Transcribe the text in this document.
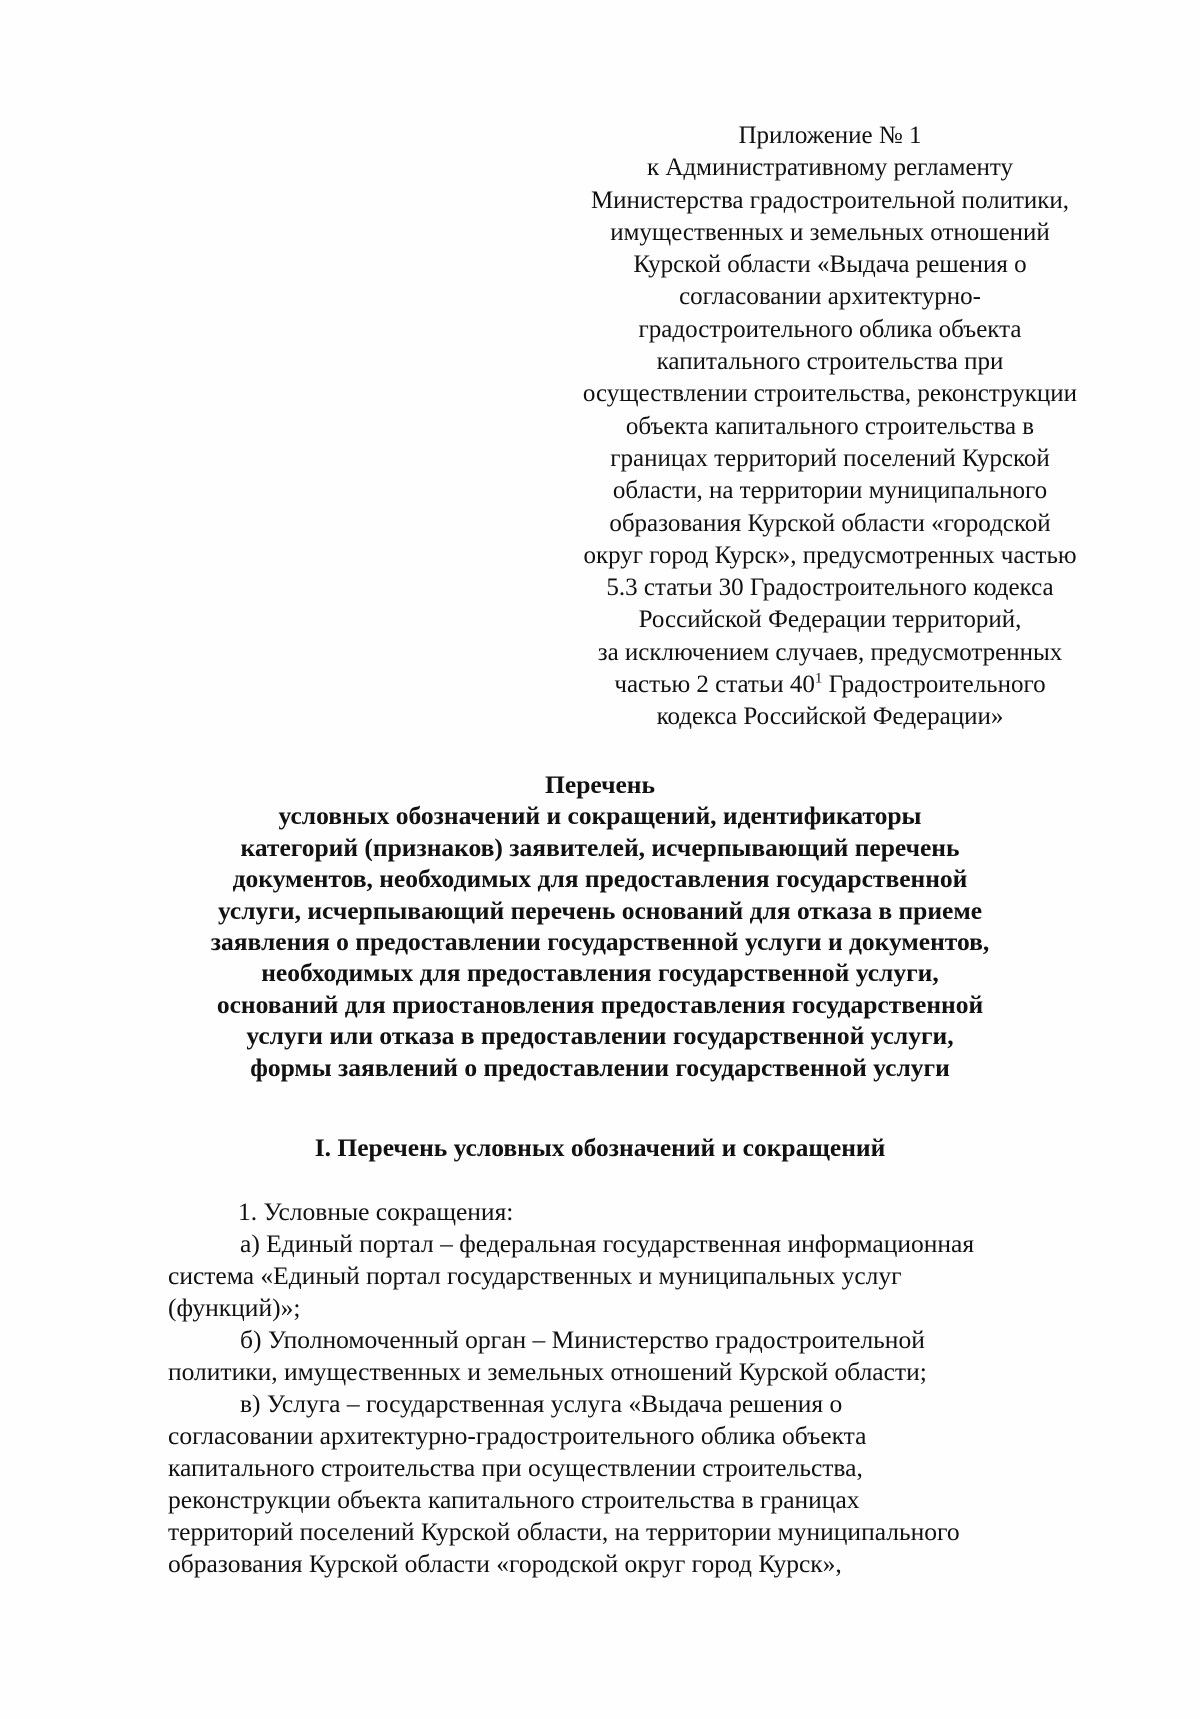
Приложение № 1
к Административному регламенту
Министерства градостроительной политики,
имущественных и земельных отношений
Курской области «Выдача решения о
согласовании архитектурно-
градостроительного облика объекта
капитального строительства при
осуществлении строительства, реконструкции
объекта капитального строительства в
границах территорий поселений Курской
области, на территории муниципального
образования Курской области «городской
округ город Курск», предусмотренных частью
5.3 статьи 30 Градостроительного кодекса
Российской Федерации территорий,
за исключением случаев, предусмотренных
частью 2 статьи $40^1$ Градостроительного
кодекса Российской Федерации»
Перечень
условных обозначений и сокращений, идентификаторы
категорий (признаков) заявителей, исчерпывающий перечень
документов, необходимых для предоставления государственной
услуги, исчерпывающий перечень оснований для отказа в приеме
заявления о предоставлении государственной услуги и документов,
необходимых для предоставления государственной услуги,
оснований для приостановления предоставления государственной
услуги или отказа в предоставлении государственной услуги,
формы заявлений о предоставлении государственной услуги
I. Перечень условных обозначений и сокращений

1. Условные сокращения:

а) Единый портал – федеральная государственная информационная
система «Единый портал государственных и муниципальных услуг
(функций)»;

б) Уполномоченный орган – Министерство градостроительной
политики, имущественных и земельных отношений Курской области;

в) Услуга – государственная услуга «Выдача решения о
согласовании архитектурно-градостроительного облика объекта
капитального строительства при осуществлении строительства,
реконструкции объекта капитального строительства в границах
территорий поселений Курской области, на территории муниципального
образования Курской области «городской округ город Курск»,
